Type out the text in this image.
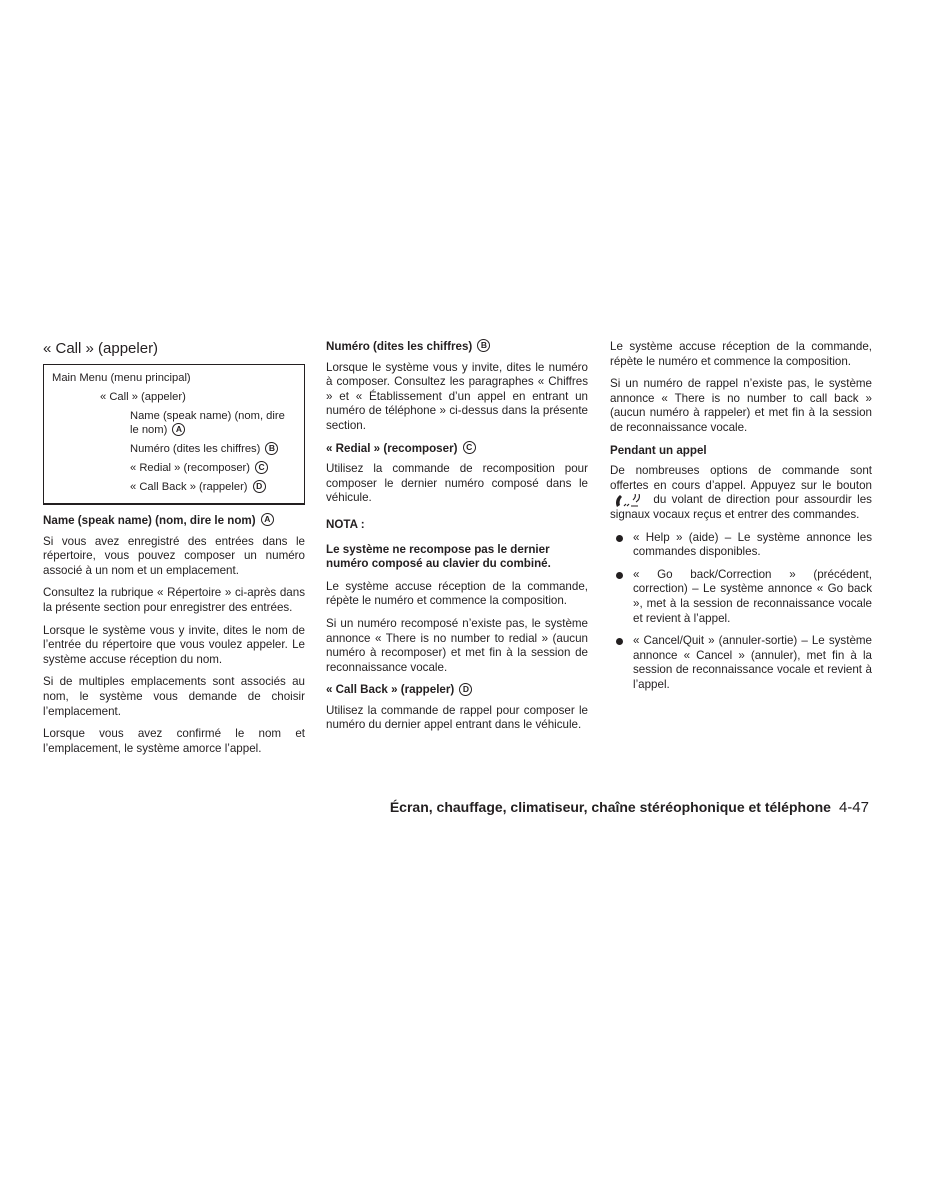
« Call » (appeler)
Main Menu (menu principal)
« Call » (appeler)
Name (speak name) (nom, dire le nom) A
Numéro (dites les chiffres) B
« Redial » (recomposer) C
« Call Back » (rappeler) D
Name (speak name) (nom, dire le nom) A

Si vous avez enregistré des entrées dans le répertoire, vous pouvez composer un numéro associé à un nom et un emplacement.

Consultez la rubrique « Répertoire » ci-après dans la présente section pour enregistrer des entrées.

Lorsque le système vous y invite, dites le nom de l’entrée du répertoire que vous voulez appeler. Le système accuse réception du nom.

Si de multiples emplacements sont associés au nom, le système vous demande de choisir l’emplacement.

Lorsque vous avez confirmé le nom et l’emplacement, le système amorce l’appel.

Numéro (dites les chiffres) B

Lorsque le système vous y invite, dites le numéro à composer. Consultez les paragraphes « Chiffres » et « Établissement d’un appel en entrant un numéro de téléphone » ci-dessus dans la présente section.

« Redial » (recomposer) C

Utilisez la commande de recomposition pour composer le dernier numéro composé dans le véhicule.

NOTA :

Le système ne recompose pas le dernier numéro composé au clavier du combiné.

Le système accuse réception de la commande, répète le numéro et commence la composition.

Si un numéro recomposé n’existe pas, le système annonce « There is no number to redial » (aucun numéro à recomposer) et met fin à la session de reconnaissance vocale.

« Call Back » (rappeler) D

Utilisez la commande de rappel pour composer le numéro du dernier appel entrant dans le véhicule.

Le système accuse réception de la commande, répète le numéro et commence la composition.

Si un numéro de rappel n’existe pas, le système annonce « There is no number to call back » (aucun numéro à rappeler) et met fin à la session de reconnaissance vocale.

Pendant un appel

De nombreuses options de commande sont offertes en cours d’appel. Appuyez sur le bouton  du volant de direction pour assourdir les signaux vocaux reçus et entrer des commandes.

« Help » (aide) – Le système annonce les commandes disponibles.
« Go back/Correction » (précédent, correction) – Le système annonce « Go back », met à la session de reconnaissance vocale et revient à l’appel.
« Cancel/Quit » (annuler-sortie) – Le système annonce « Cancel » (annuler), met fin à la session de reconnaissance vocale et revient à l’appel.
Écran, chauffage, climatiseur, chaîne stéréophonique et téléphone 4-47
